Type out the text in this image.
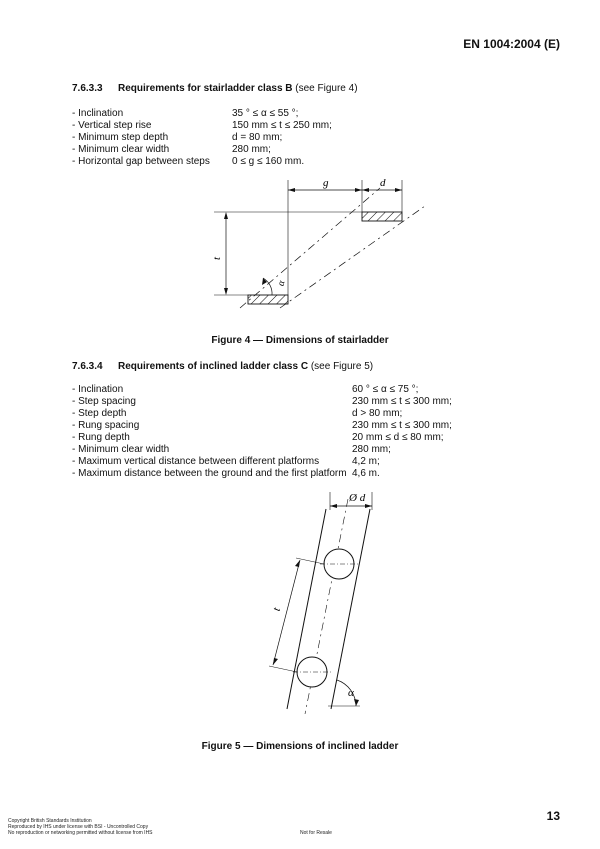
EN 1004:2004 (E)
7.6.3.3 Requirements for stairladder class B (see Figure 4)
- Inclination	35 ° ≤ α ≤ 55 °;
- Vertical step rise	150 mm ≤ t ≤ 250 mm;
- Minimum step depth	d = 80 mm;
- Minimum clear width	280 mm;
- Horizontal gap between steps	0 ≤ g ≤ 160 mm.
t
g	d
α
Figure 4 — Dimensions of stairladder
7.6.3.4 Requirements of inclined ladder class C (see Figure 5)
- Inclination	60 ° ≤ α ≤ 75 °;
- Step spacing	230 mm ≤ t ≤ 300 mm;
- Step depth	d > 80 mm;
- Rung spacing	230 mm ≤ t ≤ 300 mm;
- Rung depth	20 mm ≤ d ≤ 80 mm;
- Minimum clear width	280 mm;
- Maximum vertical distance between different platforms	4,2 m;
- Maximum distance between the ground and the first platform 4,6 m.
Ø d
t
α
Figure 5 — Dimensions of inclined ladder
Copyright British Standards Institution
Reproduced by IHS under license with BSI - Uncontrolled Copy
No reproduction or networking permitted without license from IHS	Not for Resale
13
